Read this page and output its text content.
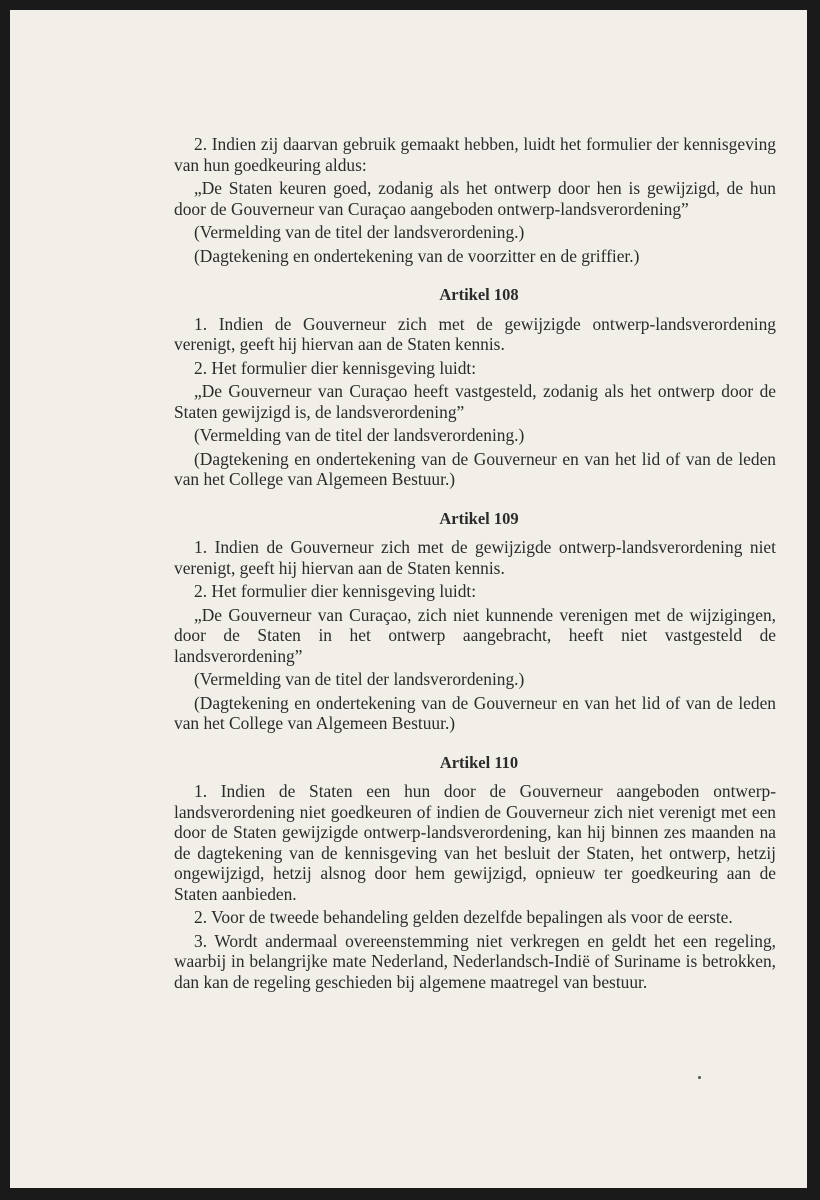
2. Indien zij daarvan gebruik gemaakt hebben, luidt het formulier der kennisgeving van hun goedkeuring aldus:

„De Staten keuren goed, zodanig als het ontwerp door hen is gewijzigd, de hun door de Gouverneur van Curaçao aangeboden ontwerp-landsverordening”

(Vermelding van de titel der landsverordening.)

(Dagtekening en ondertekening van de voorzitter en de griffier.)

Artikel 108

1. Indien de Gouverneur zich met de gewijzigde ontwerp-landsverordening verenigt, geeft hij hiervan aan de Staten kennis.

2. Het formulier dier kennisgeving luidt:

„De Gouverneur van Curaçao heeft vastgesteld, zodanig als het ontwerp door de Staten gewijzigd is, de landsverordening”

(Vermelding van de titel der landsverordening.)

(Dagtekening en ondertekening van de Gouverneur en van het lid of van de leden van het College van Algemeen Bestuur.)

Artikel 109

1. Indien de Gouverneur zich met de gewijzigde ontwerp-landsverordening niet verenigt, geeft hij hiervan aan de Staten kennis.

2. Het formulier dier kennisgeving luidt:

„De Gouverneur van Curaçao, zich niet kunnende verenigen met de wijzigingen, door de Staten in het ontwerp aangebracht, heeft niet vastgesteld de landsverordening”

(Vermelding van de titel der landsverordening.)

(Dagtekening en ondertekening van de Gouverneur en van het lid of van de leden van het College van Algemeen Bestuur.)

Artikel 110

1. Indien de Staten een hun door de Gouverneur aangeboden ontwerp-landsverordening niet goedkeuren of indien de Gouverneur zich niet verenigt met een door de Staten gewijzigde ontwerp-landsverordening, kan hij binnen zes maanden na de dagtekening van de kennisgeving van het besluit der Staten, het ontwerp, hetzij ongewijzigd, hetzij alsnog door hem gewijzigd, opnieuw ter goedkeuring aan de Staten aanbieden.

2. Voor de tweede behandeling gelden dezelfde bepalingen als voor de eerste.

3. Wordt andermaal overeenstemming niet verkregen en geldt het een regeling, waarbij in belangrijke mate Nederland, Nederlandsch-Indië of Suriname is betrokken, dan kan de regeling geschieden bij algemene maatregel van bestuur.
